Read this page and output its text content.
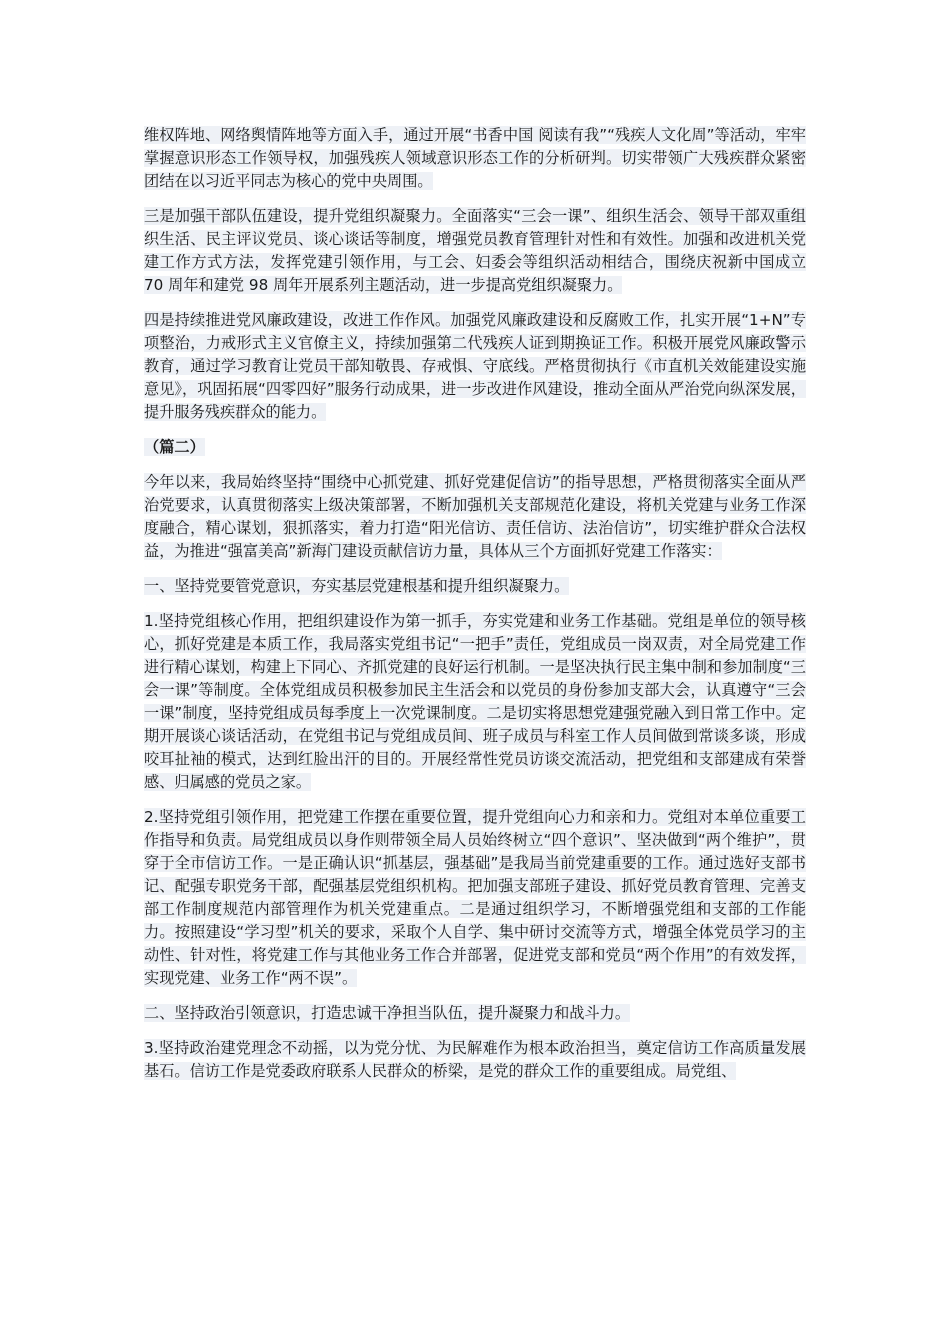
维权阵地、网络舆情阵地等方面入手，通过开展“书香中国 阅读有我”“残疾人文化周”等活动，牢牢掌握意识形态工作领导权，加强残疾人领域意识形态工作的分析研判。切实带领广大残疾群众紧密团结在以习近平同志为核心的党中央周围。

三是加强干部队伍建设，提升党组织凝聚力。全面落实“三会一课”、组织生活会、领导干部双重组织生活、民主评议党员、谈心谈话等制度，增强党员教育管理针对性和有效性。加强和改进机关党建工作方式方法，发挥党建引领作用，与工会、妇委会等组织活动相结合，围绕庆祝新中国成立 70 周年和建党 98 周年开展系列主题活动，进一步提高党组织凝聚力。

四是持续推进党风廉政建设，改进工作作风。加强党风廉政建设和反腐败工作，扎实开展“1+N”专项整治，力戒形式主义官僚主义，持续加强第二代残疾人证到期换证工作。积极开展党风廉政警示教育，通过学习教育让党员干部知敬畏、存戒惧、守底线。严格贯彻执行《市直机关效能建设实施意见》，巩固拓展“四零四好”服务行动成果，进一步改进作风建设，推动全面从严治党向纵深发展，提升服务残疾群众的能力。

（篇二）

今年以来，我局始终坚持“围绕中心抓党建、抓好党建促信访”的指导思想，严格贯彻落实全面从严治党要求，认真贯彻落实上级决策部署，不断加强机关支部规范化建设，将机关党建与业务工作深度融合，精心谋划，狠抓落实，着力打造“阳光信访、责任信访、法治信访”，切实维护群众合法权益，为推进“强富美高”新海门建设贡献信访力量，具体从三个方面抓好党建工作落实：

一、坚持党要管党意识，夯实基层党建根基和提升组织凝聚力。

1.坚持党组核心作用，把组织建设作为第一抓手，夯实党建和业务工作基础。党组是单位的领导核心，抓好党建是本质工作，我局落实党组书记“一把手”责任，党组成员一岗双责，对全局党建工作进行精心谋划，构建上下同心、齐抓党建的良好运行机制。一是坚决执行民主集中制和参加制度“三会一课”等制度。全体党组成员积极参加民主生活会和以党员的身份参加支部大会，认真遵守“三会一课”制度，坚持党组成员每季度上一次党课制度。二是切实将思想党建强党融入到日常工作中。定期开展谈心谈话活动，在党组书记与党组成员间、班子成员与科室工作人员间做到常谈多谈，形成咬耳扯袖的模式，达到红脸出汗的目的。开展经常性党员访谈交流活动，把党组和支部建成有荣誉感、归属感的党员之家。

2.坚持党组引领作用，把党建工作摆在重要位置，提升党组向心力和亲和力。党组对本单位重要工作指导和负责。局党组成员以身作则带领全局人员始终树立“四个意识”、坚决做到“两个维护”，贯穿于全市信访工作。一是正确认识“抓基层，强基础”是我局当前党建重要的工作。通过选好支部书记、配强专职党务干部，配强基层党组织机构。把加强支部班子建设、抓好党员教育管理、完善支部工作制度规范内部管理作为机关党建重点。二是通过组织学习，不断增强党组和支部的工作能力。按照建设“学习型”机关的要求，采取个人自学、集中研讨交流等方式，增强全体党员学习的主动性、针对性，将党建工作与其他业务工作合并部署，促进党支部和党员“两个作用”的有效发挥，实现党建、业务工作“两不误”。

二、坚持政治引领意识，打造忠诚干净担当队伍，提升凝聚力和战斗力。

3.坚持政治建党理念不动摇，以为党分忧、为民解难作为根本政治担当，奠定信访工作高质量发展基石。信访工作是党委政府联系人民群众的桥梁，是党的群众工作的重要组成。局党组、
